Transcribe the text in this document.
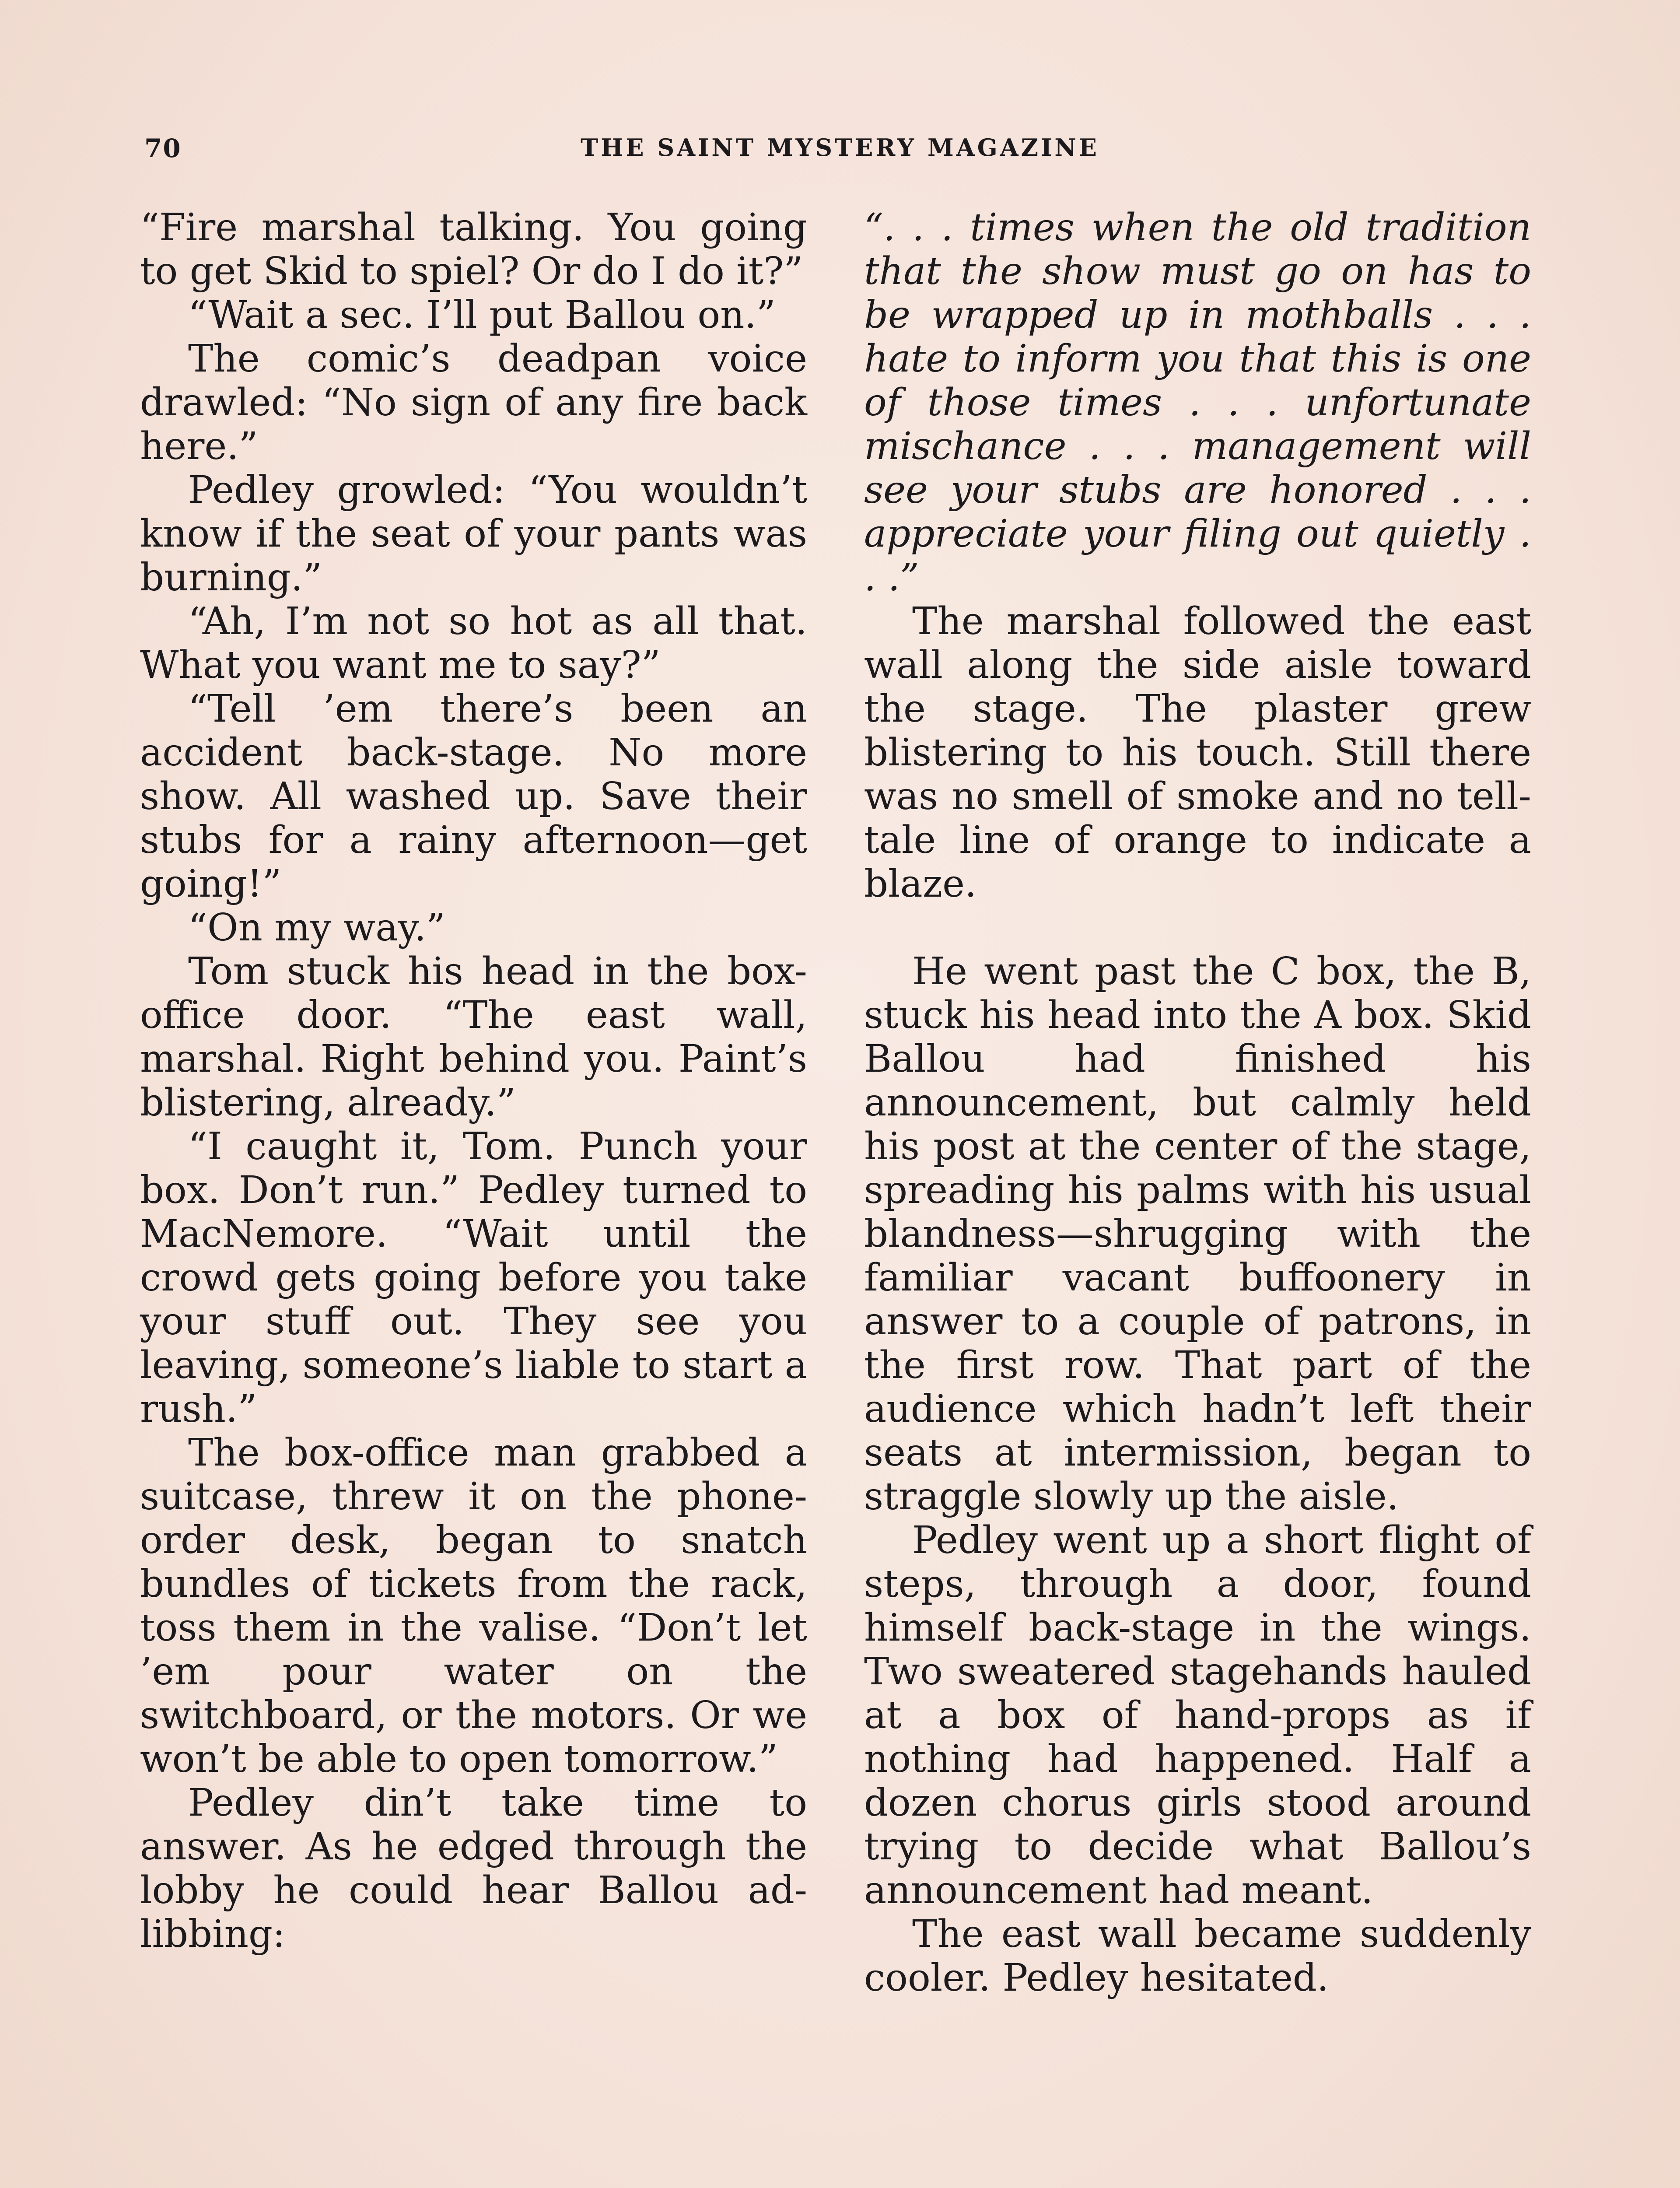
70	THE SAINT MYSTERY MAGAZINE

“Fire marshal talking. You going to get Skid to spiel? Or do I do it?”

“Wait a sec. I’ll put Ballou on.”

The comic’s deadpan voice drawled: “No sign of any fire back here.”

Pedley growled: “You wouldn’t know if the seat of your pants was burning.”

“Ah, I’m not so hot as all that. What you want me to say?”

“Tell ’em there’s been an accident back-stage. No more show. All washed up. Save their stubs for a rainy afternoon—get going!”

“On my way.”

Tom stuck his head in the box-office door. “The east wall, marshal. Right behind you. Paint’s blistering, already.”

“I caught it, Tom. Punch your box. Don’t run.” Pedley turned to MacNemore. “Wait until the crowd gets going before you take your stuff out. They see you leaving, someone’s liable to start a rush.”

The box-office man grabbed a suitcase, threw it on the phone-order desk, began to snatch bundles of tickets from the rack, toss them in the valise. “Don’t let ’em pour water on the switchboard, or the motors. Or we won’t be able to open tomorrow.”

Pedley din’t take time to answer. As he edged through the lobby he could hear Ballou ad-libbing:

“. . . times when the old tradition that the show must go on has to be wrapped up in mothballs . . . hate to inform you that this is one of those times . . . unfortunate mischance . . . management will see your stubs are honored . . . appreciate your filing out quietly . . .”

The marshal followed the east wall along the side aisle toward the stage. The plaster grew blistering to his touch. Still there was no smell of smoke and no tell-tale line of orange to indicate a blaze.

He went past the C box, the B, stuck his head into the A box. Skid Ballou had finished his announcement, but calmly held his post at the center of the stage, spreading his palms with his usual blandness—shrugging with the familiar vacant buffoonery in answer to a couple of patrons, in the first row. That part of the audience which hadn’t left their seats at intermission, began to straggle slowly up the aisle.

Pedley went up a short flight of steps, through a door, found himself back-stage in the wings. Two sweatered stagehands hauled at a box of hand-props as if nothing had happened. Half a dozen chorus girls stood around trying to decide what Ballou’s announcement had meant.

The east wall became suddenly cooler. Pedley hesitated.
